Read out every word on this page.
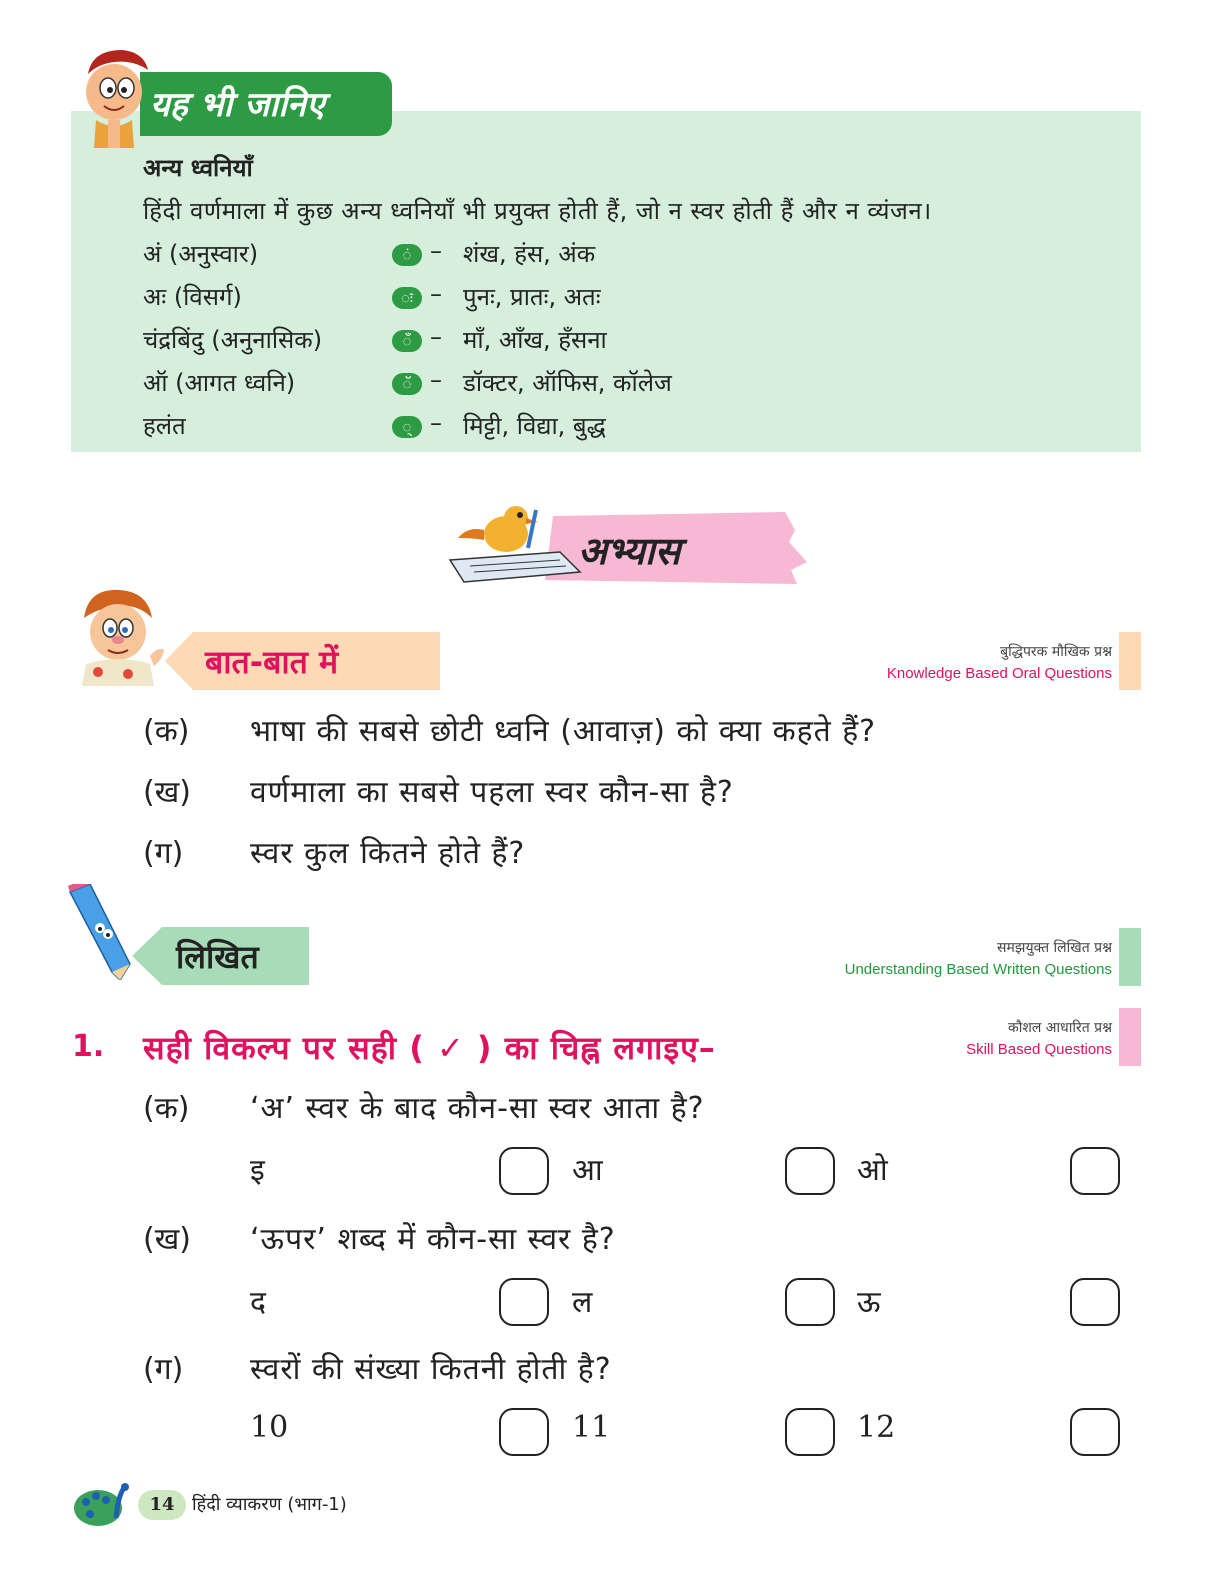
यह भी जानिए
अन्य ध्वनियाँ
हिंदी वर्णमाला में कुछ अन्य ध्वनियाँ भी प्रयुक्त होती हैं, जो न स्वर होती हैं और न व्यंजन।
अं (अनुस्वार)	ं – शंख, हंस, अंक
अः (विसर्ग)	ः – पुनः, प्रातः, अतः
चंद्रबिंदु (अनुनासिक)	ँ – माँ, आँख, हँसना
ऑ (आगत ध्वनि)	ॅ – डॉक्टर, ऑफिस, कॉलेज
हलंत	् – मिट्टी, विद्या, बुद्ध
अभ्यास
बात-बात में	बुद्धिपरक मौखिक प्रश्न
Knowledge Based Oral Questions
(क) भाषा की सबसे छोटी ध्वनि (आवाज़) को क्या कहते हैं?
(ख) वर्णमाला का सबसे पहला स्वर कौन-सा है?
(ग) स्वर कुल कितने होते हैं?
लिखित	समझयुक्त लिखित प्रश्न
Understanding Based Written Questions
कौशल आधारित प्रश्न
Skill Based Questions
1. सही विकल्प पर सही ( ✓ ) का चिह्न लगाइए–
(क) ‘अ’ स्वर के बाद कौन-सा स्वर आता है?
इ	आ	ओ
(ख) ‘ऊपर’ शब्द में कौन-सा स्वर है?
द	ल	ऊ
(ग) स्वरों की संख्या कितनी होती है?
10	11	12
14 हिंदी व्याकरण (भाग-1)
